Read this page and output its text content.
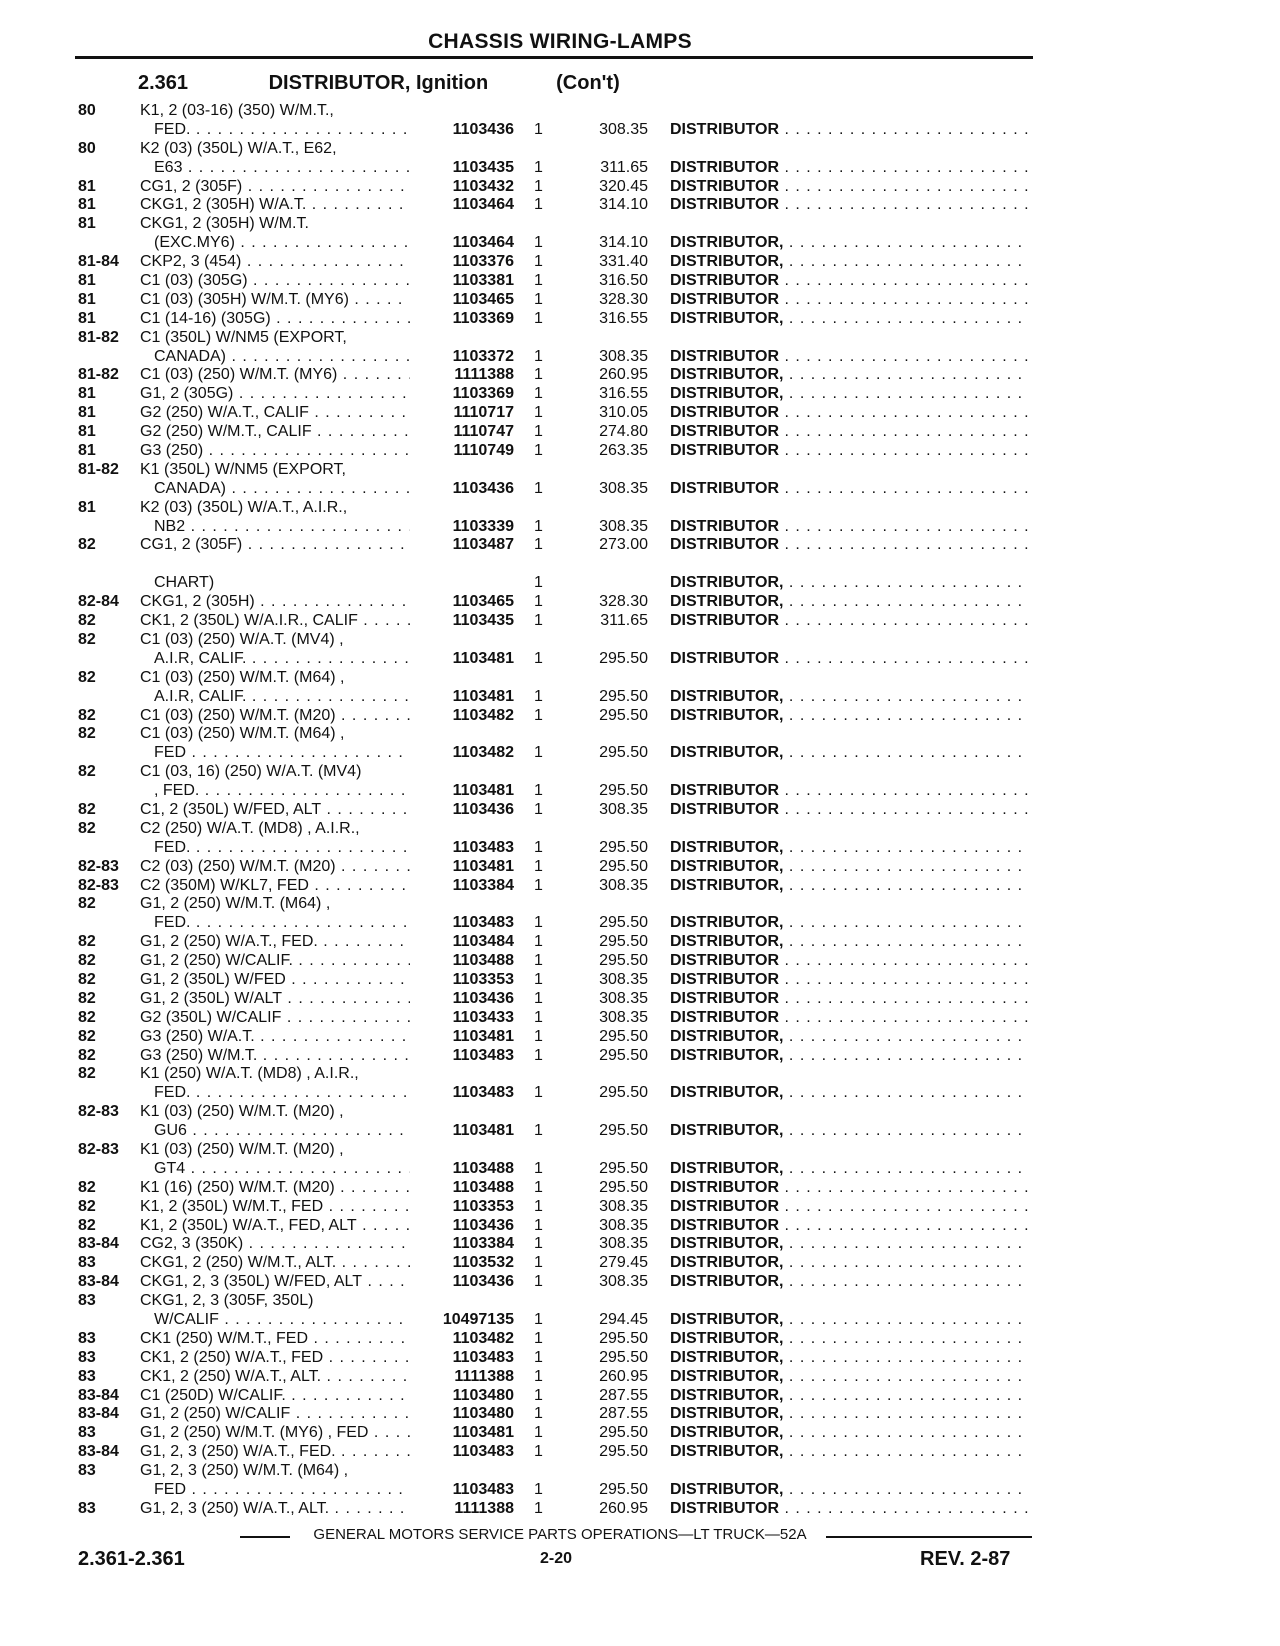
CHASSIS WIRING-LAMPS
2.361	DISTRIBUTOR, Ignition	(Con't)
80	K1, 2 (03-16) (350) W/M.T.,
FED. . . .	1103436 1	308.35 DISTRIBUTOR . . .
80	K2 (03) (350L) W/A.T., E62,
E63 . . .	1103435 1	311.65 DISTRIBUTOR . . .
81	CG1, 2 (305F) . . .	1103432 1	320.45 DISTRIBUTOR . . .
81	CKG1, 2 (305H) W/A.T. . . .	1103464 1	314.10 DISTRIBUTOR . . .
81	CKG1, 2 (305H) W/M.T.
(EXC.MY6) . . .	1103464 1	314.10 DISTRIBUTOR, . . .
81-84 CKP2, 3 (454) . . .	1103376 1	331.40 DISTRIBUTOR, . . .
81	C1 (03) (305G) . . .	1103381 1	316.50 DISTRIBUTOR . . .
81	C1 (03) (305H) W/M.T. (MY6) . . .	1103465 1	328.30 DISTRIBUTOR . . .
81	C1 (14-16) (305G) . . .	1103369 1	316.55 DISTRIBUTOR, . . .
81-82 C1 (350L) W/NM5 (EXPORT,
CANADA) . . .	1103372 1	308.35 DISTRIBUTOR . . .
81-82 C1 (03) (250) W/M.T. (MY6) . . .	1111388 1	260.95 DISTRIBUTOR, . . .
81	G1, 2 (305G) . . .	1103369 1	316.55 DISTRIBUTOR, . . .
81	G2 (250) W/A.T., CALIF . . .	1110717 1	310.05 DISTRIBUTOR . . .
81	G2 (250) W/M.T., CALIF . . .	1110747 1	274.80 DISTRIBUTOR . . .
81	G3 (250) . . .	1110749 1	263.35 DISTRIBUTOR . . .
81-82 K1 (350L) W/NM5 (EXPORT,
CANADA) . . .	1103436 1	308.35 DISTRIBUTOR . . .
81	K2 (03) (350L) W/A.T., A.I.R.,
NB2 . . .	1103339 1	308.35 DISTRIBUTOR . . .
82	CG1, 2 (305F) . . .	1103487 1	273.00 DISTRIBUTOR . . .
CHART)	1	DISTRIBUTOR, . . .
82-84 CKG1, 2 (305H) . . .	1103465 1	328.30 DISTRIBUTOR, . . .
82	CK1, 2 (350L) W/A.I.R., CALIF . . .	1103435 1	311.65 DISTRIBUTOR . . .
82	C1 (03) (250) W/A.T. (MV4) ,
A.I.R, CALIF. . . .	1103481 1	295.50 DISTRIBUTOR . . .
82	C1 (03) (250) W/M.T. (M64) ,
A.I.R, CALIF. . . .	1103481 1	295.50 DISTRIBUTOR, . . .
82	C1 (03) (250) W/M.T. (M20) . . .	1103482 1	295.50 DISTRIBUTOR, . . .
82	C1 (03) (250) W/M.T. (M64) ,
FED . . .	1103482 1	295.50 DISTRIBUTOR, . . .
82	C1 (03, 16) (250) W/A.T. (MV4)
, FED. . . .	1103481 1	295.50 DISTRIBUTOR . . .
82	C1, 2 (350L) W/FED, ALT . . .	1103436 1	308.35 DISTRIBUTOR . . .
82	C2 (250) W/A.T. (MD8) , A.I.R.,
FED. . . .	1103483 1	295.50 DISTRIBUTOR, . . .
82-83 C2 (03) (250) W/M.T. (M20) . . .	1103481 1	295.50 DISTRIBUTOR, . . .
82-83 C2 (350M) W/KL7, FED . . .	1103384 1	308.35 DISTRIBUTOR, . . .
82	G1, 2 (250) W/M.T. (M64) ,
FED. . . .	1103483 1	295.50 DISTRIBUTOR, . . .
82	G1, 2 (250) W/A.T., FED. . . .	1103484 1	295.50 DISTRIBUTOR, . . .
82	G1, 2 (250) W/CALIF. . . .	1103488 1	295.50 DISTRIBUTOR . . .
82	G1, 2 (350L) W/FED . . .	1103353 1	308.35 DISTRIBUTOR . . .
82	G1, 2 (350L) W/ALT . . .	1103436 1	308.35 DISTRIBUTOR . . .
82	G2 (350L) W/CALIF . . .	1103433 1	308.35 DISTRIBUTOR . . .
82	G3 (250) W/A.T. . . .	1103481 1	295.50 DISTRIBUTOR, . . .
82	G3 (250) W/M.T. . . .	1103483 1	295.50 DISTRIBUTOR, . . .
82	K1 (250) W/A.T. (MD8) , A.I.R.,
FED. . . .	1103483 1	295.50 DISTRIBUTOR, . . .
82-83 K1 (03) (250) W/M.T. (M20) ,
GU6 . . .	1103481 1	295.50 DISTRIBUTOR, . . .
82-83 K1 (03) (250) W/M.T. (M20) ,
GT4 . . .	1103488 1	295.50 DISTRIBUTOR, . . .
82	K1 (16) (250) W/M.T. (M20) . . .	1103488 1	295.50 DISTRIBUTOR . . .
82	K1, 2 (350L) W/M.T., FED . . .	1103353 1	308.35 DISTRIBUTOR . . .
82	K1, 2 (350L) W/A.T., FED, ALT . . .	1103436 1	308.35 DISTRIBUTOR . . .
83-84 CG2, 3 (350K) . . .	1103384 1	308.35 DISTRIBUTOR, . . .
83	CKG1, 2 (250) W/M.T., ALT. . . .	1103532 1	279.45 DISTRIBUTOR, . . .
83-84 CKG1, 2, 3 (350L) W/FED, ALT . . .	1103436 1	308.35 DISTRIBUTOR, . . .
83	CKG1, 2, 3 (305F, 350L)
W/CALIF . . .	10497135 1	294.45 DISTRIBUTOR, . . .
83	CK1 (250) W/M.T., FED . . .	1103482 1	295.50 DISTRIBUTOR, . . .
83	CK1, 2 (250) W/A.T., FED . . .	1103483 1	295.50 DISTRIBUTOR, . . .
83	CK1, 2 (250) W/A.T., ALT. . . .	1111388 1	260.95 DISTRIBUTOR, . . .
83-84 C1 (250D) W/CALIF. . . .	1103480 1	287.55 DISTRIBUTOR, . . .
83-84 G1, 2 (250) W/CALIF . . .	1103480 1	287.55 DISTRIBUTOR, . . .
83	G1, 2 (250) W/M.T. (MY6) , FED . . .	1103481 1	295.50 DISTRIBUTOR, . . .
83-84 G1, 2, 3 (250) W/A.T., FED. . . .	1103483 1	295.50 DISTRIBUTOR, . . .
83	G1, 2, 3 (250) W/M.T. (M64) ,
FED . . .	1103483 1	295.50 DISTRIBUTOR, . . .
83	G1, 2, 3 (250) W/A.T., ALT. . . .	1111388 1	260.95 DISTRIBUTOR . . .
GENERAL MOTORS SERVICE PARTS OPERATIONS—LT TRUCK—52A
2.361-2.361	2-20	REV. 2-87
